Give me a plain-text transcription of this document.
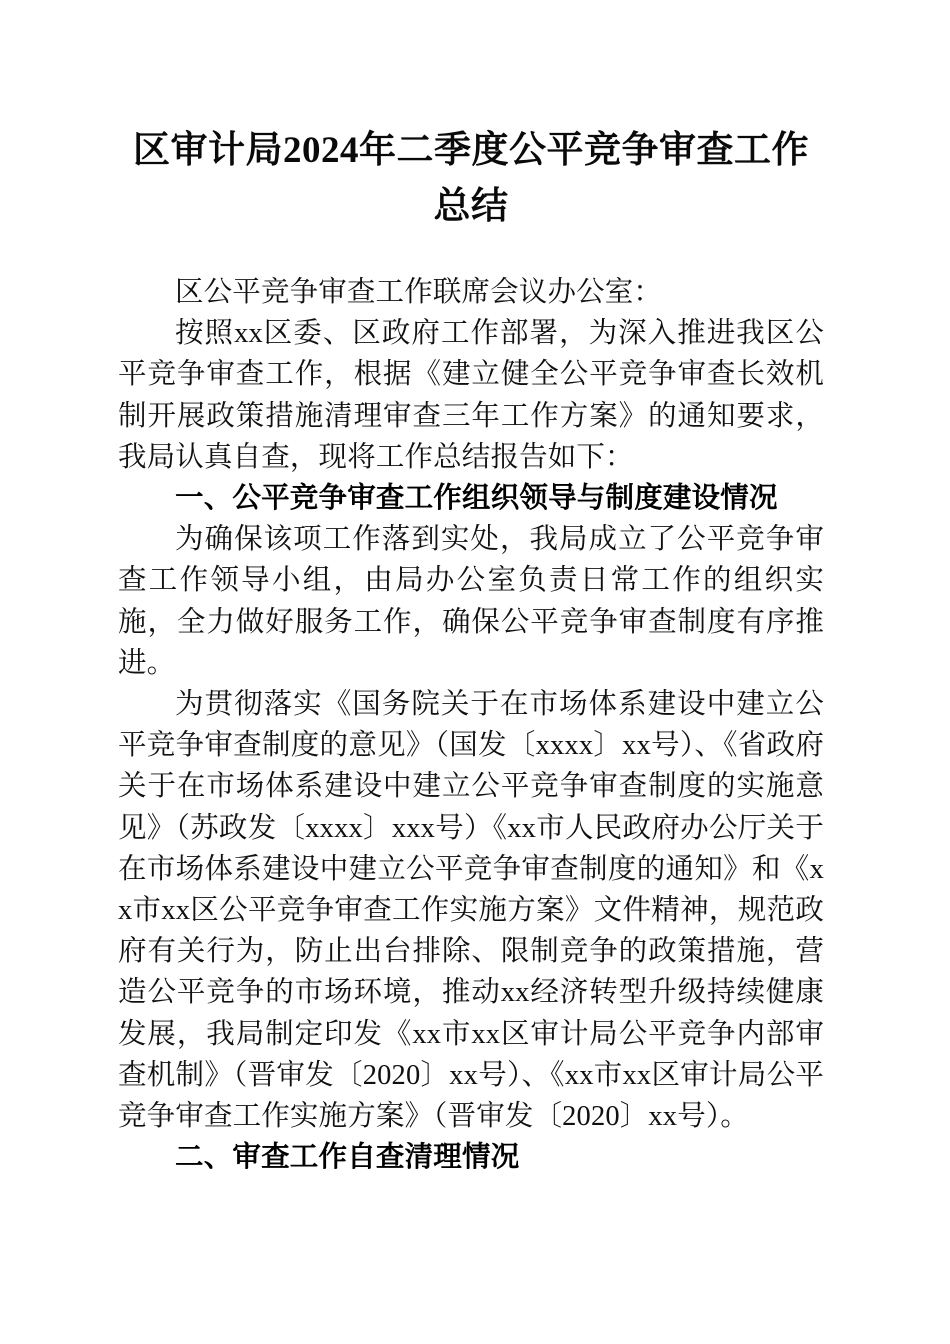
区审计局2024年二季度公平竞争审查工作总结

区公平竞争审查工作联席会议办公室：

按照xx区委、区政府工作部署，为深入推进我区公平竞争审查工作，根据《建立健全公平竞争审查长效机制开展政策措施清理审查三年工作方案》的通知要求，我局认真自查，现将工作总结报告如下：

一、公平竞争审查工作组织领导与制度建设情况

为确保该项工作落到实处，我局成立了公平竞争审查工作领导小组，由局办公室负责日常工作的组织实施，全力做好服务工作，确保公平竞争审查制度有序推进。

为贯彻落实《国务院关于在市场体系建设中建立公平竞争审查制度的意见》（国发〔xxxx〕xx号）、《省政府关于在市场体系建设中建立公平竞争审查制度的实施意见》（苏政发〔xxxx〕xxx号）《xx市人民政府办公厅关于在市场体系建设中建立公平竞争审查制度的通知》和《xx市xx区公平竞争审查工作实施方案》文件精神，规范政府有关行为，防止出台排除、限制竞争的政策措施，营造公平竞争的市场环境，推动xx经济转型升级持续健康发展，我局制定印发《xx市xx区审计局公平竞争内部审查机制》（晋审发〔2020〕xx号）、《xx市xx区审计局公平竞争审查工作实施方案》（晋审发〔2020〕xx号）。

二、审查工作自查清理情况
